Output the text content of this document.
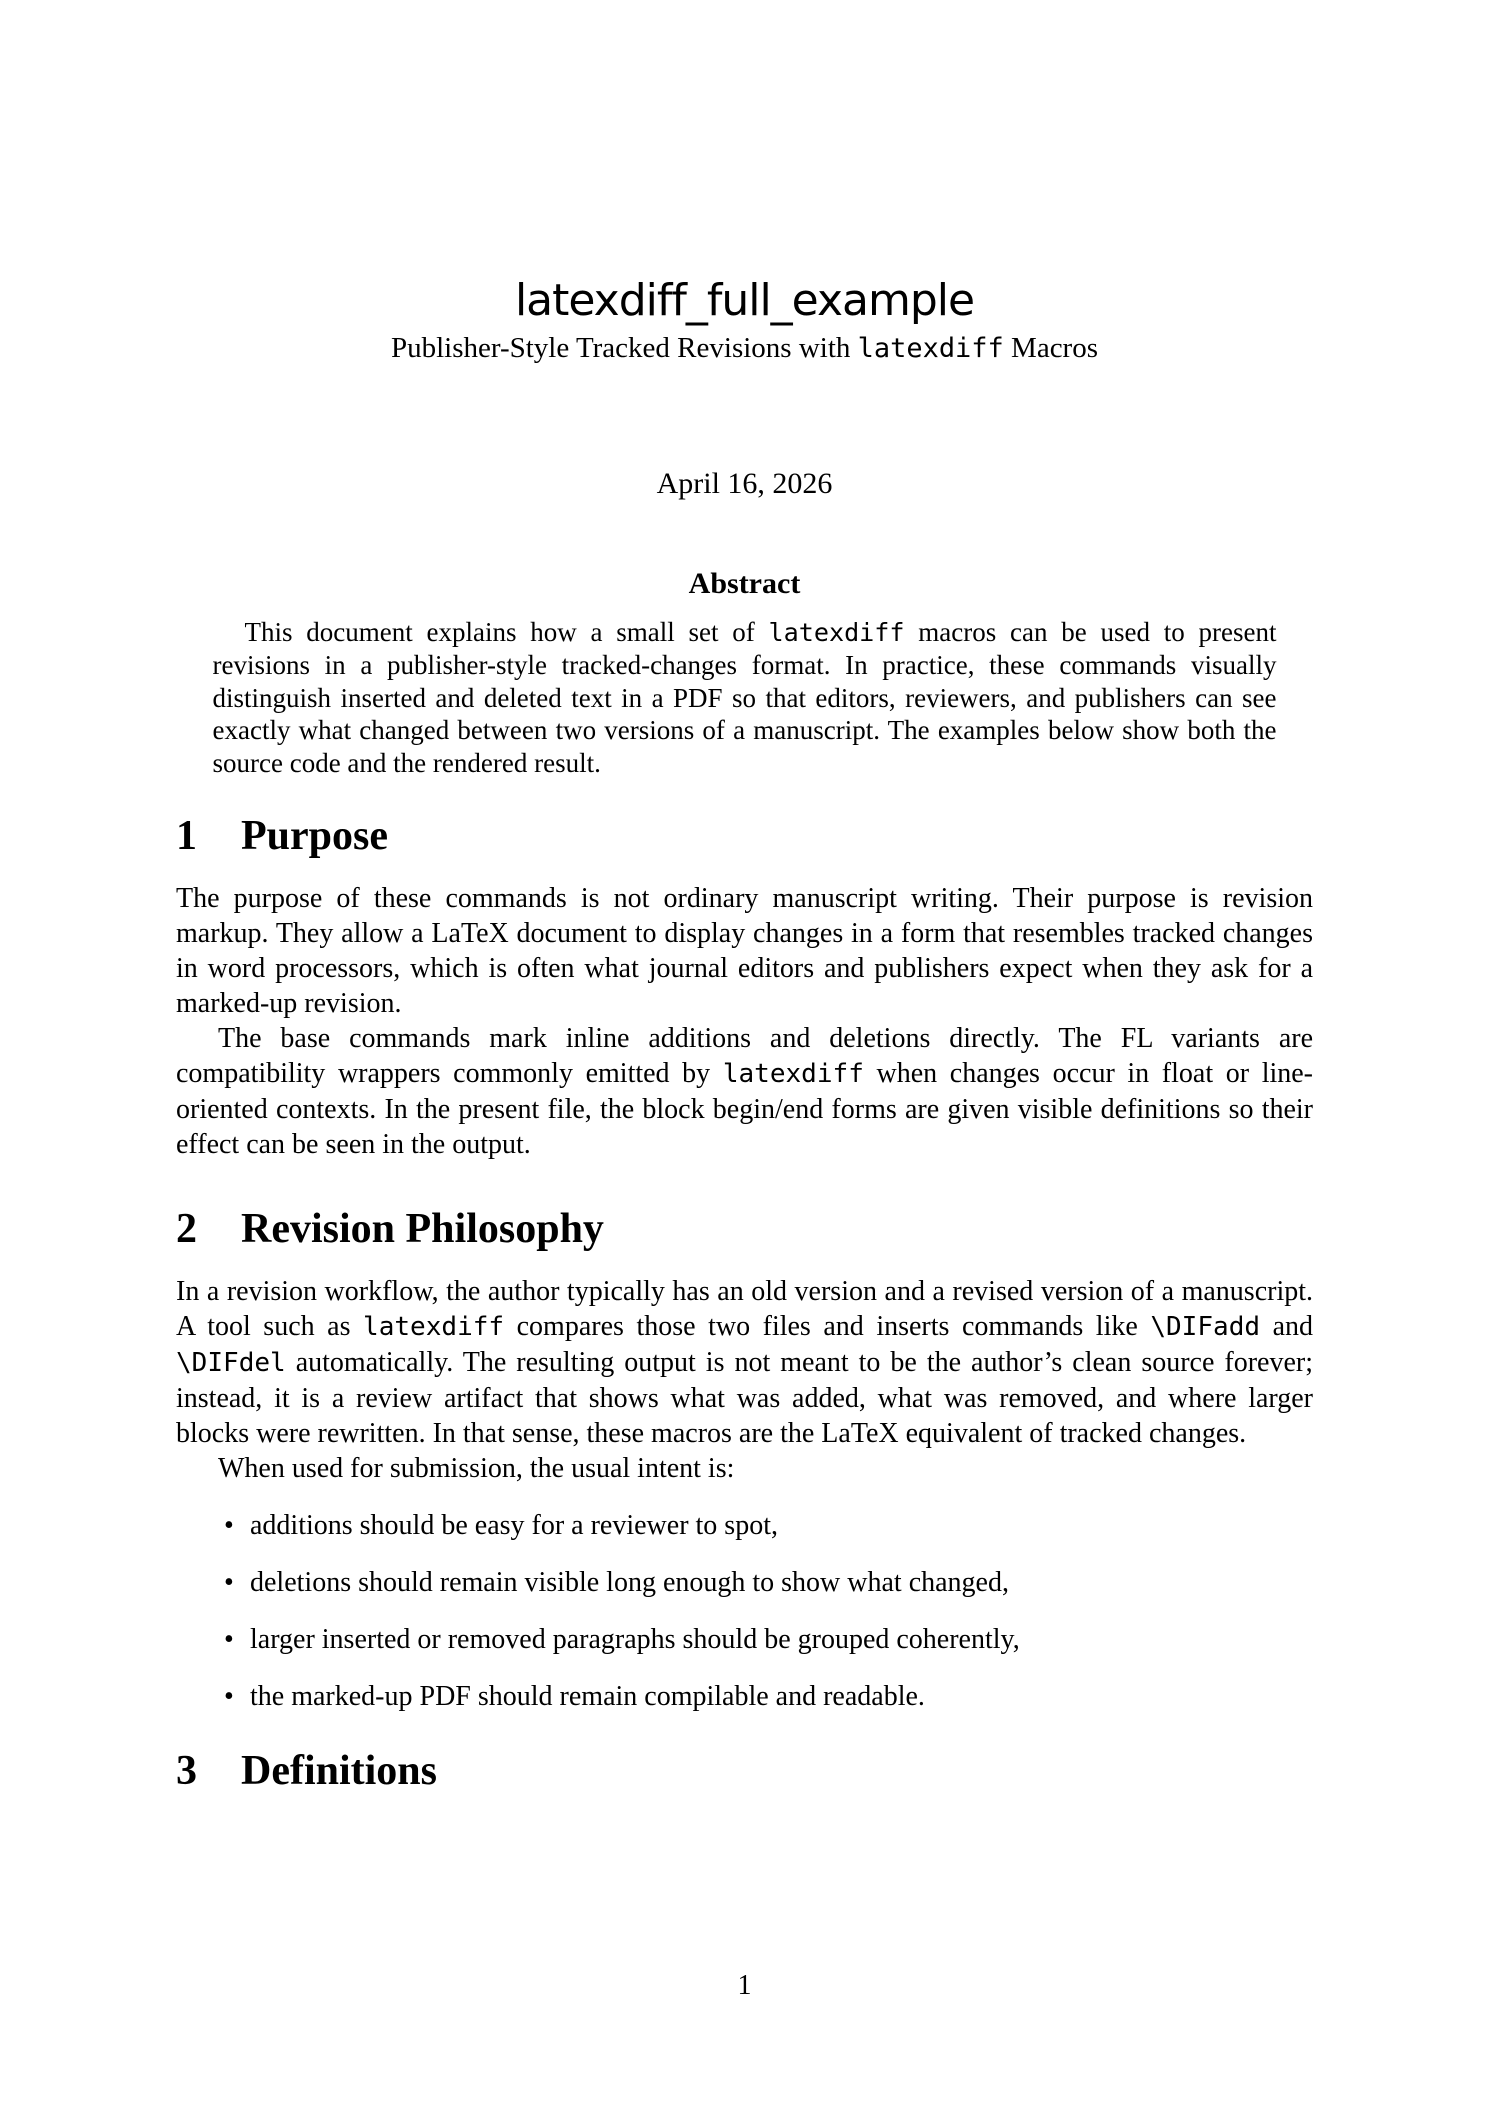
latexdiff_full_example
Publisher-Style Tracked Revisions with latexdiff Macros
April 16, 2026
Abstract

This document explains how a small set of latexdiff macros can be used to present revisions in a publisher-style tracked-changes format. In practice, these commands visually distinguish inserted and deleted text in a PDF so that editors, reviewers, and publishers can see exactly what changed between two versions of a manuscript. The examples below show both the source code and the rendered result.

1 Purpose

The purpose of these commands is not ordinary manuscript writing. Their purpose is revision markup. They allow a LaTeX document to display changes in a form that resembles tracked changes in word processors, which is often what journal editors and publishers expect when they ask for a marked-up revision.

The base commands mark inline additions and deletions directly. The FL variants are compatibility wrappers commonly emitted by latexdiff when changes occur in float or line-oriented contexts. In the present file, the block begin/end forms are given visible definitions so their effect can be seen in the output.

2 Revision Philosophy

In a revision workflow, the author typically has an old version and a revised version of a manuscript. A tool such as latexdiff compares those two files and inserts commands like \DIFadd and \DIFdel automatically. The resulting output is not meant to be the author’s clean source forever; instead, it is a review artifact that shows what was added, what was removed, and where larger blocks were rewritten. In that sense, these macros are the LaTeX equivalent of tracked changes.

When used for submission, the usual intent is:

• additions should be easy for a reviewer to spot,
• deletions should remain visible long enough to show what changed,
• larger inserted or removed paragraphs should be grouped coherently,
• the marked-up PDF should remain compilable and readable.
3 Definitions
1
